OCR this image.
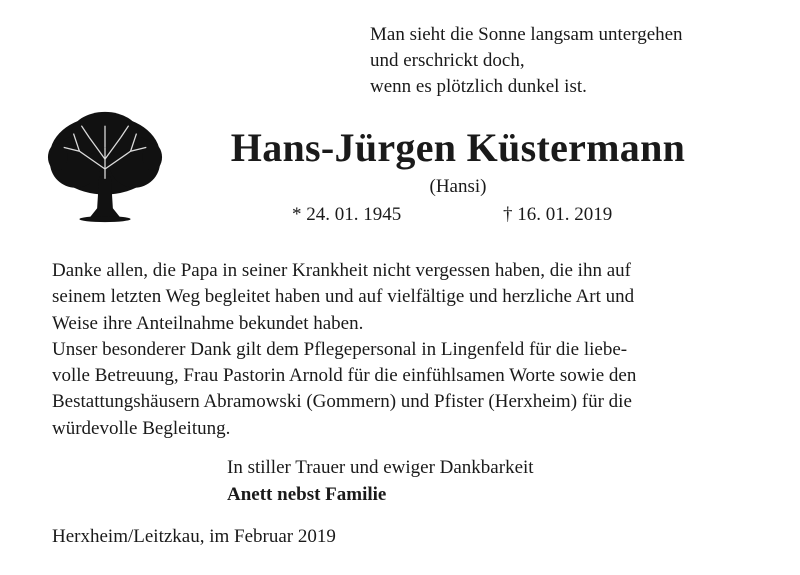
Man sieht die Sonne langsam untergehen
und erschrickt doch,
wenn es plötzlich dunkel ist.
Hans-Jürgen Küstermann
(Hansi)
* 24. 01. 1945	† 16. 01. 2019
Danke allen, die Papa in seiner Krankheit nicht vergessen haben, die ihn auf
seinem letzten Weg begleitet haben und auf vielfältige und herzliche Art und
Weise ihre Anteilnahme bekundet haben.
Unser besonderer Dank gilt dem Pflegepersonal in Lingenfeld für die liebe-
volle Betreuung, Frau Pastorin Arnold für die einfühlsamen Worte sowie den
Bestattungshäusern Abramowski (Gommern) und Pfister (Herxheim) für die
würdevolle Begleitung.
In stiller Trauer und ewiger Dankbarkeit
Anett nebst Familie
Herxheim/Leitzkau, im Februar 2019
